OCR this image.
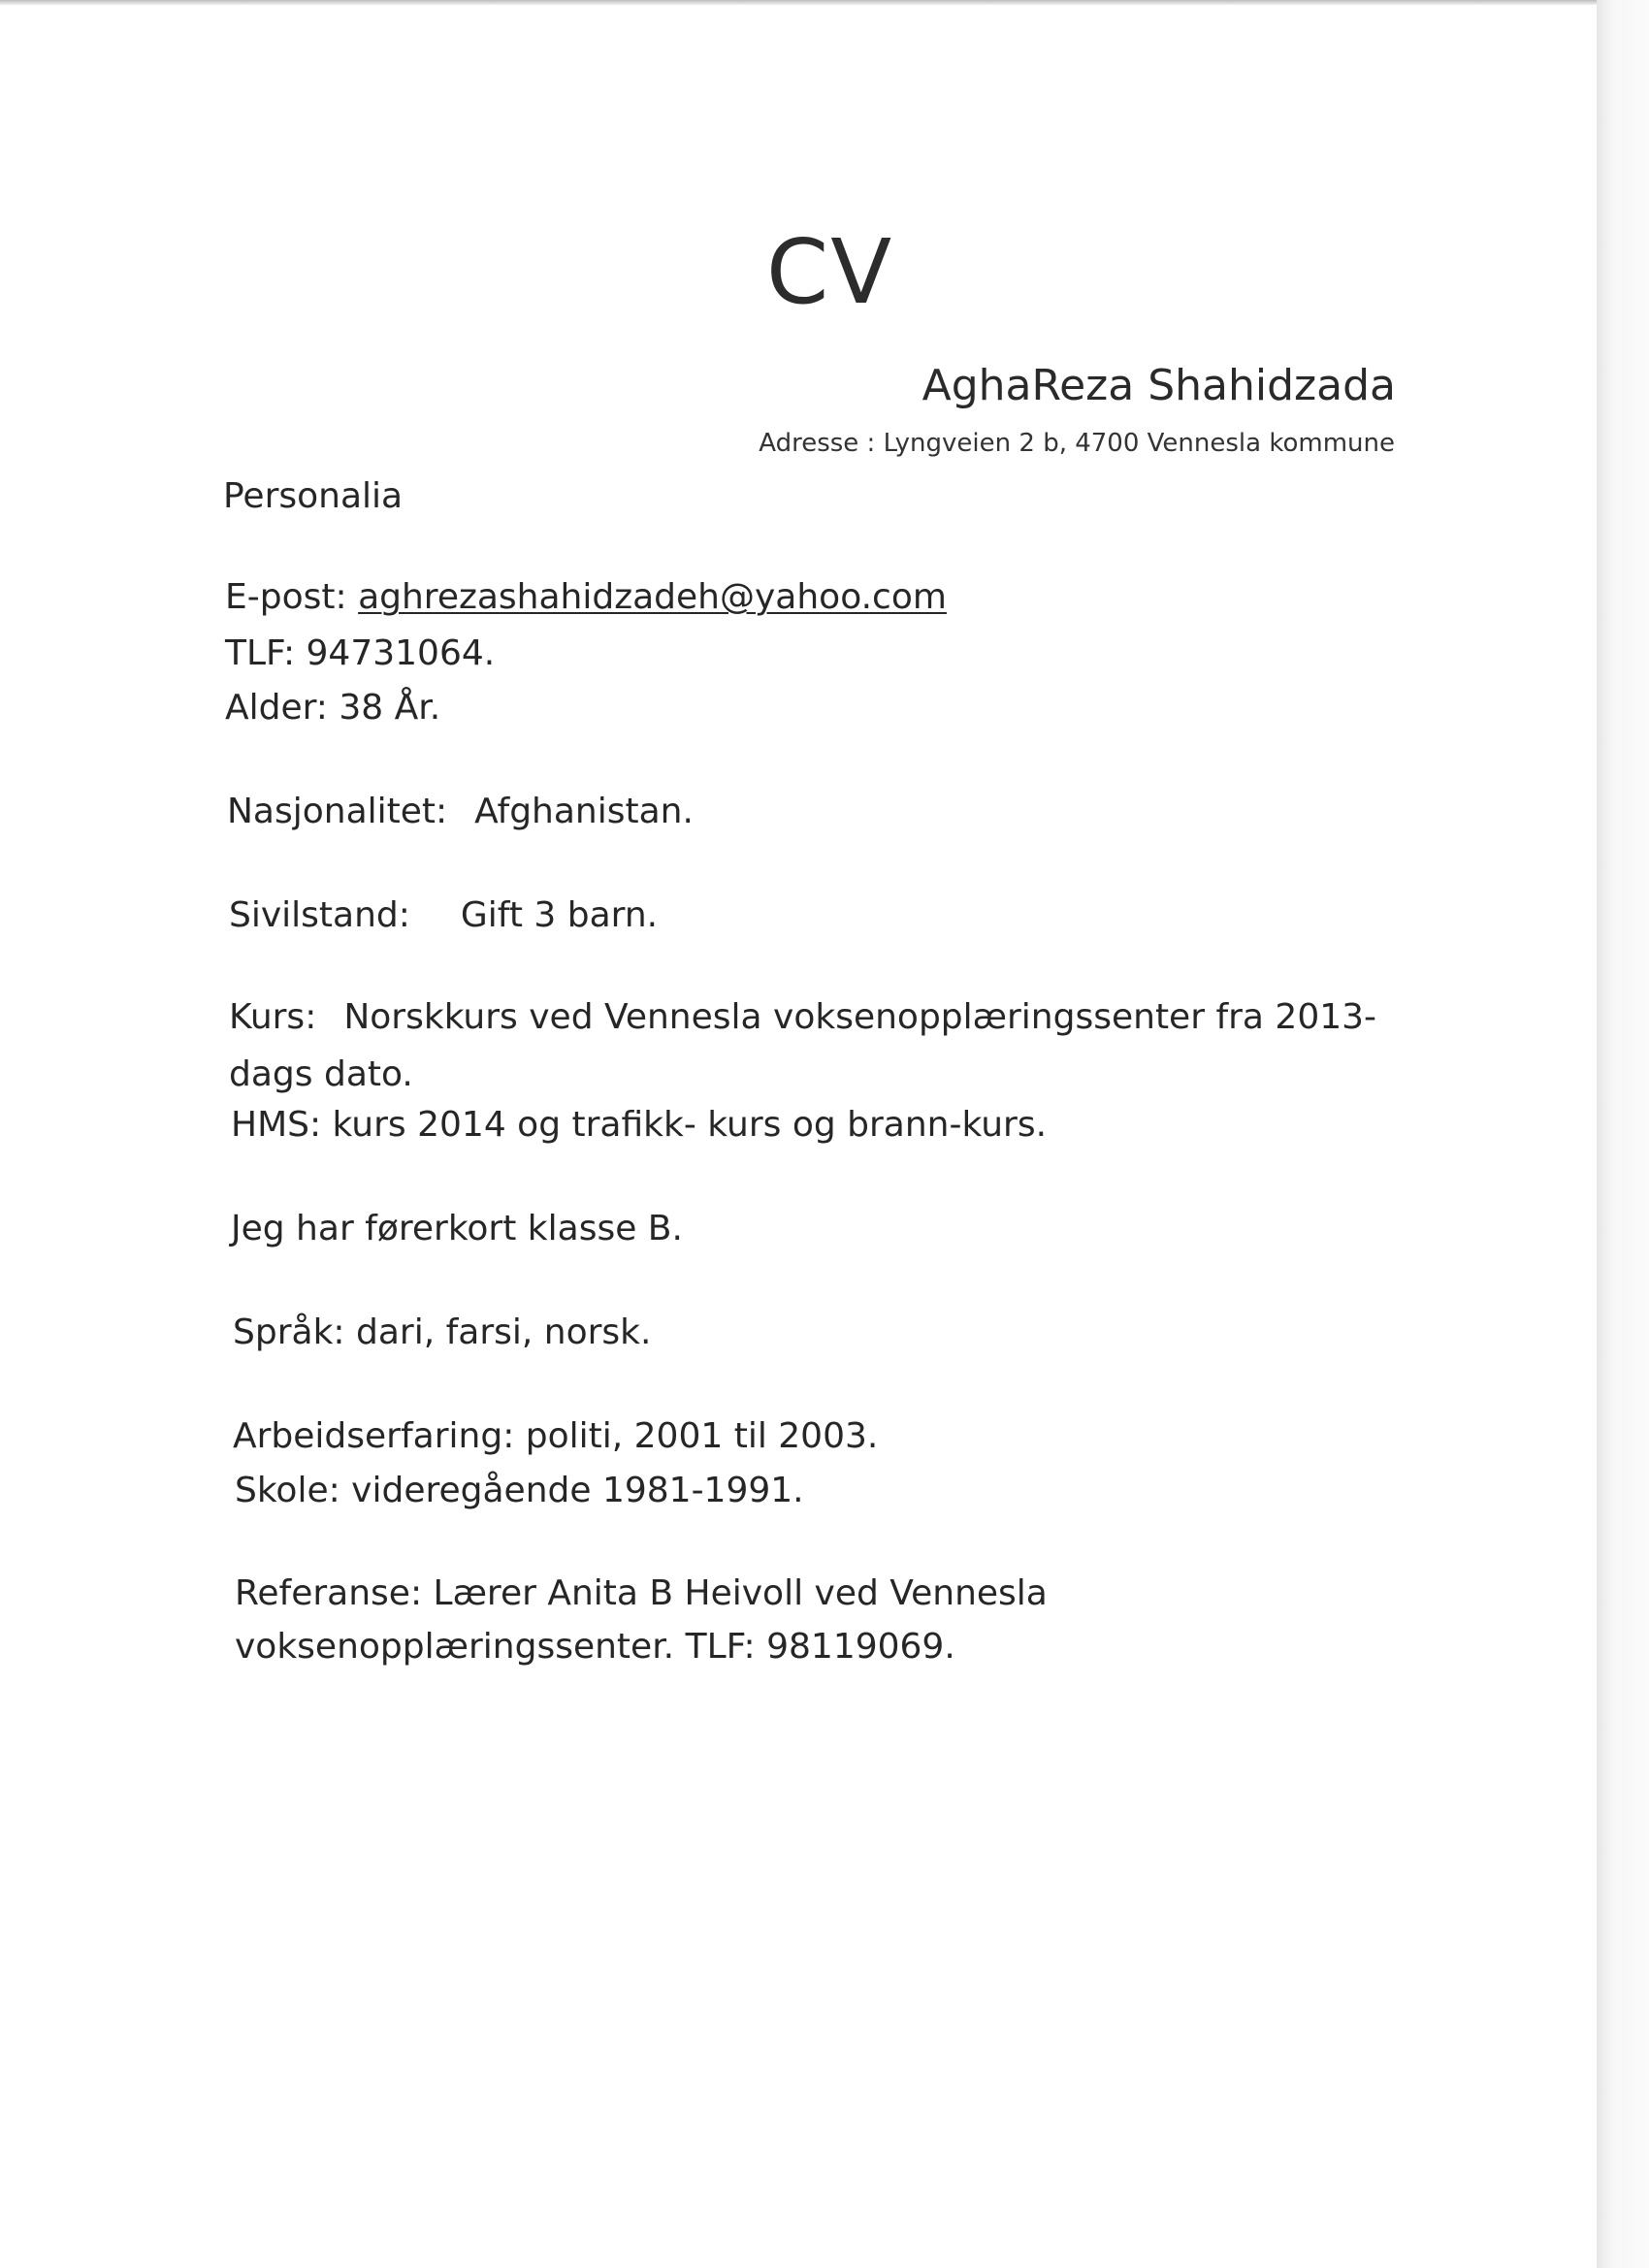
CV
AghaReza Shahidzada
Adresse : Lyngveien 2 b, 4700 Vennesla kommune
Personalia
E-post: aghrezashahidzadeh@yahoo.com
TLF: 94731064.
Alder: 38 År.
Nasjonalitet: Afghanistan.
Sivilstand: Gift 3 barn.
Kurs: Norskkurs ved Vennesla voksenopplæringssenter fra 2013-
dags dato.
HMS: kurs 2014 og trafikk- kurs og brann-kurs.
Jeg har førerkort klasse B.
Språk: dari, farsi, norsk.
Arbeidserfaring: politi, 2001 til 2003.
Skole: videregående 1981-1991.
Referanse: Lærer Anita B Heivoll ved Vennesla
voksenopplæringssenter. TLF: 98119069.
